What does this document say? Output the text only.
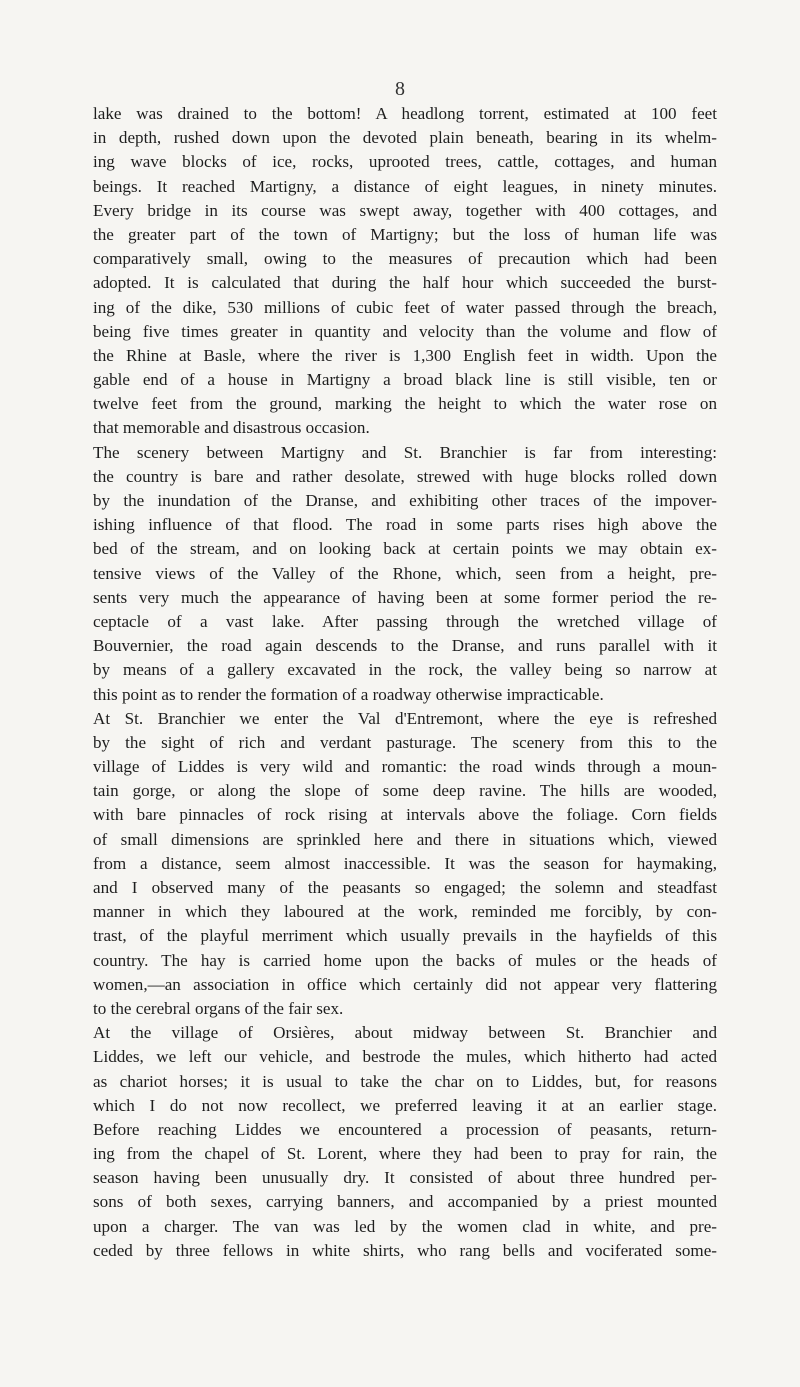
8
lake was drained to the bottom! A headlong torrent, estimated at 100 feet
in depth, rushed down upon the devoted plain beneath, bearing in its whelm-
ing wave blocks of ice, rocks, uprooted trees, cattle, cottages, and human
beings. It reached Martigny, a distance of eight leagues, in ninety minutes.
Every bridge in its course was swept away, together with 400 cottages, and
the greater part of the town of Martigny; but the loss of human life was
comparatively small, owing to the measures of precaution which had been
adopted. It is calculated that during the half hour which succeeded the burst-
ing of the dike, 530 millions of cubic feet of water passed through the breach,
being five times greater in quantity and velocity than the volume and flow of
the Rhine at Basle, where the river is 1,300 English feet in width. Upon the
gable end of a house in Martigny a broad black line is still visible, ten or
twelve feet from the ground, marking the height to which the water rose on
that memorable and disastrous occasion.
The scenery between Martigny and St. Branchier is far from interesting:
the country is bare and rather desolate, strewed with huge blocks rolled down
by the inundation of the Dranse, and exhibiting other traces of the impover-
ishing influence of that flood. The road in some parts rises high above the
bed of the stream, and on looking back at certain points we may obtain ex-
tensive views of the Valley of the Rhone, which, seen from a height, pre-
sents very much the appearance of having been at some former period the re-
ceptacle of a vast lake. After passing through the wretched village of
Bouvernier, the road again descends to the Dranse, and runs parallel with it
by means of a gallery excavated in the rock, the valley being so narrow at
this point as to render the formation of a roadway otherwise impracticable.
At St. Branchier we enter the Val d'Entremont, where the eye is refreshed
by the sight of rich and verdant pasturage. The scenery from this to the
village of Liddes is very wild and romantic: the road winds through a moun-
tain gorge, or along the slope of some deep ravine. The hills are wooded,
with bare pinnacles of rock rising at intervals above the foliage. Corn fields
of small dimensions are sprinkled here and there in situations which, viewed
from a distance, seem almost inaccessible. It was the season for haymaking,
and I observed many of the peasants so engaged; the solemn and steadfast
manner in which they laboured at the work, reminded me forcibly, by con-
trast, of the playful merriment which usually prevails in the hayfields of this
country. The hay is carried home upon the backs of mules or the heads of
women,—an association in office which certainly did not appear very flattering
to the cerebral organs of the fair sex.
At the village of Orsières, about midway between St. Branchier and
Liddes, we left our vehicle, and bestrode the mules, which hitherto had acted
as chariot horses; it is usual to take the char on to Liddes, but, for reasons
which I do not now recollect, we preferred leaving it at an earlier stage.
Before reaching Liddes we encountered a procession of peasants, return-
ing from the chapel of St. Lorent, where they had been to pray for rain, the
season having been unusually dry. It consisted of about three hundred per-
sons of both sexes, carrying banners, and accompanied by a priest mounted
upon a charger. The van was led by the women clad in white, and pre-
ceded by three fellows in white shirts, who rang bells and vociferated some-
